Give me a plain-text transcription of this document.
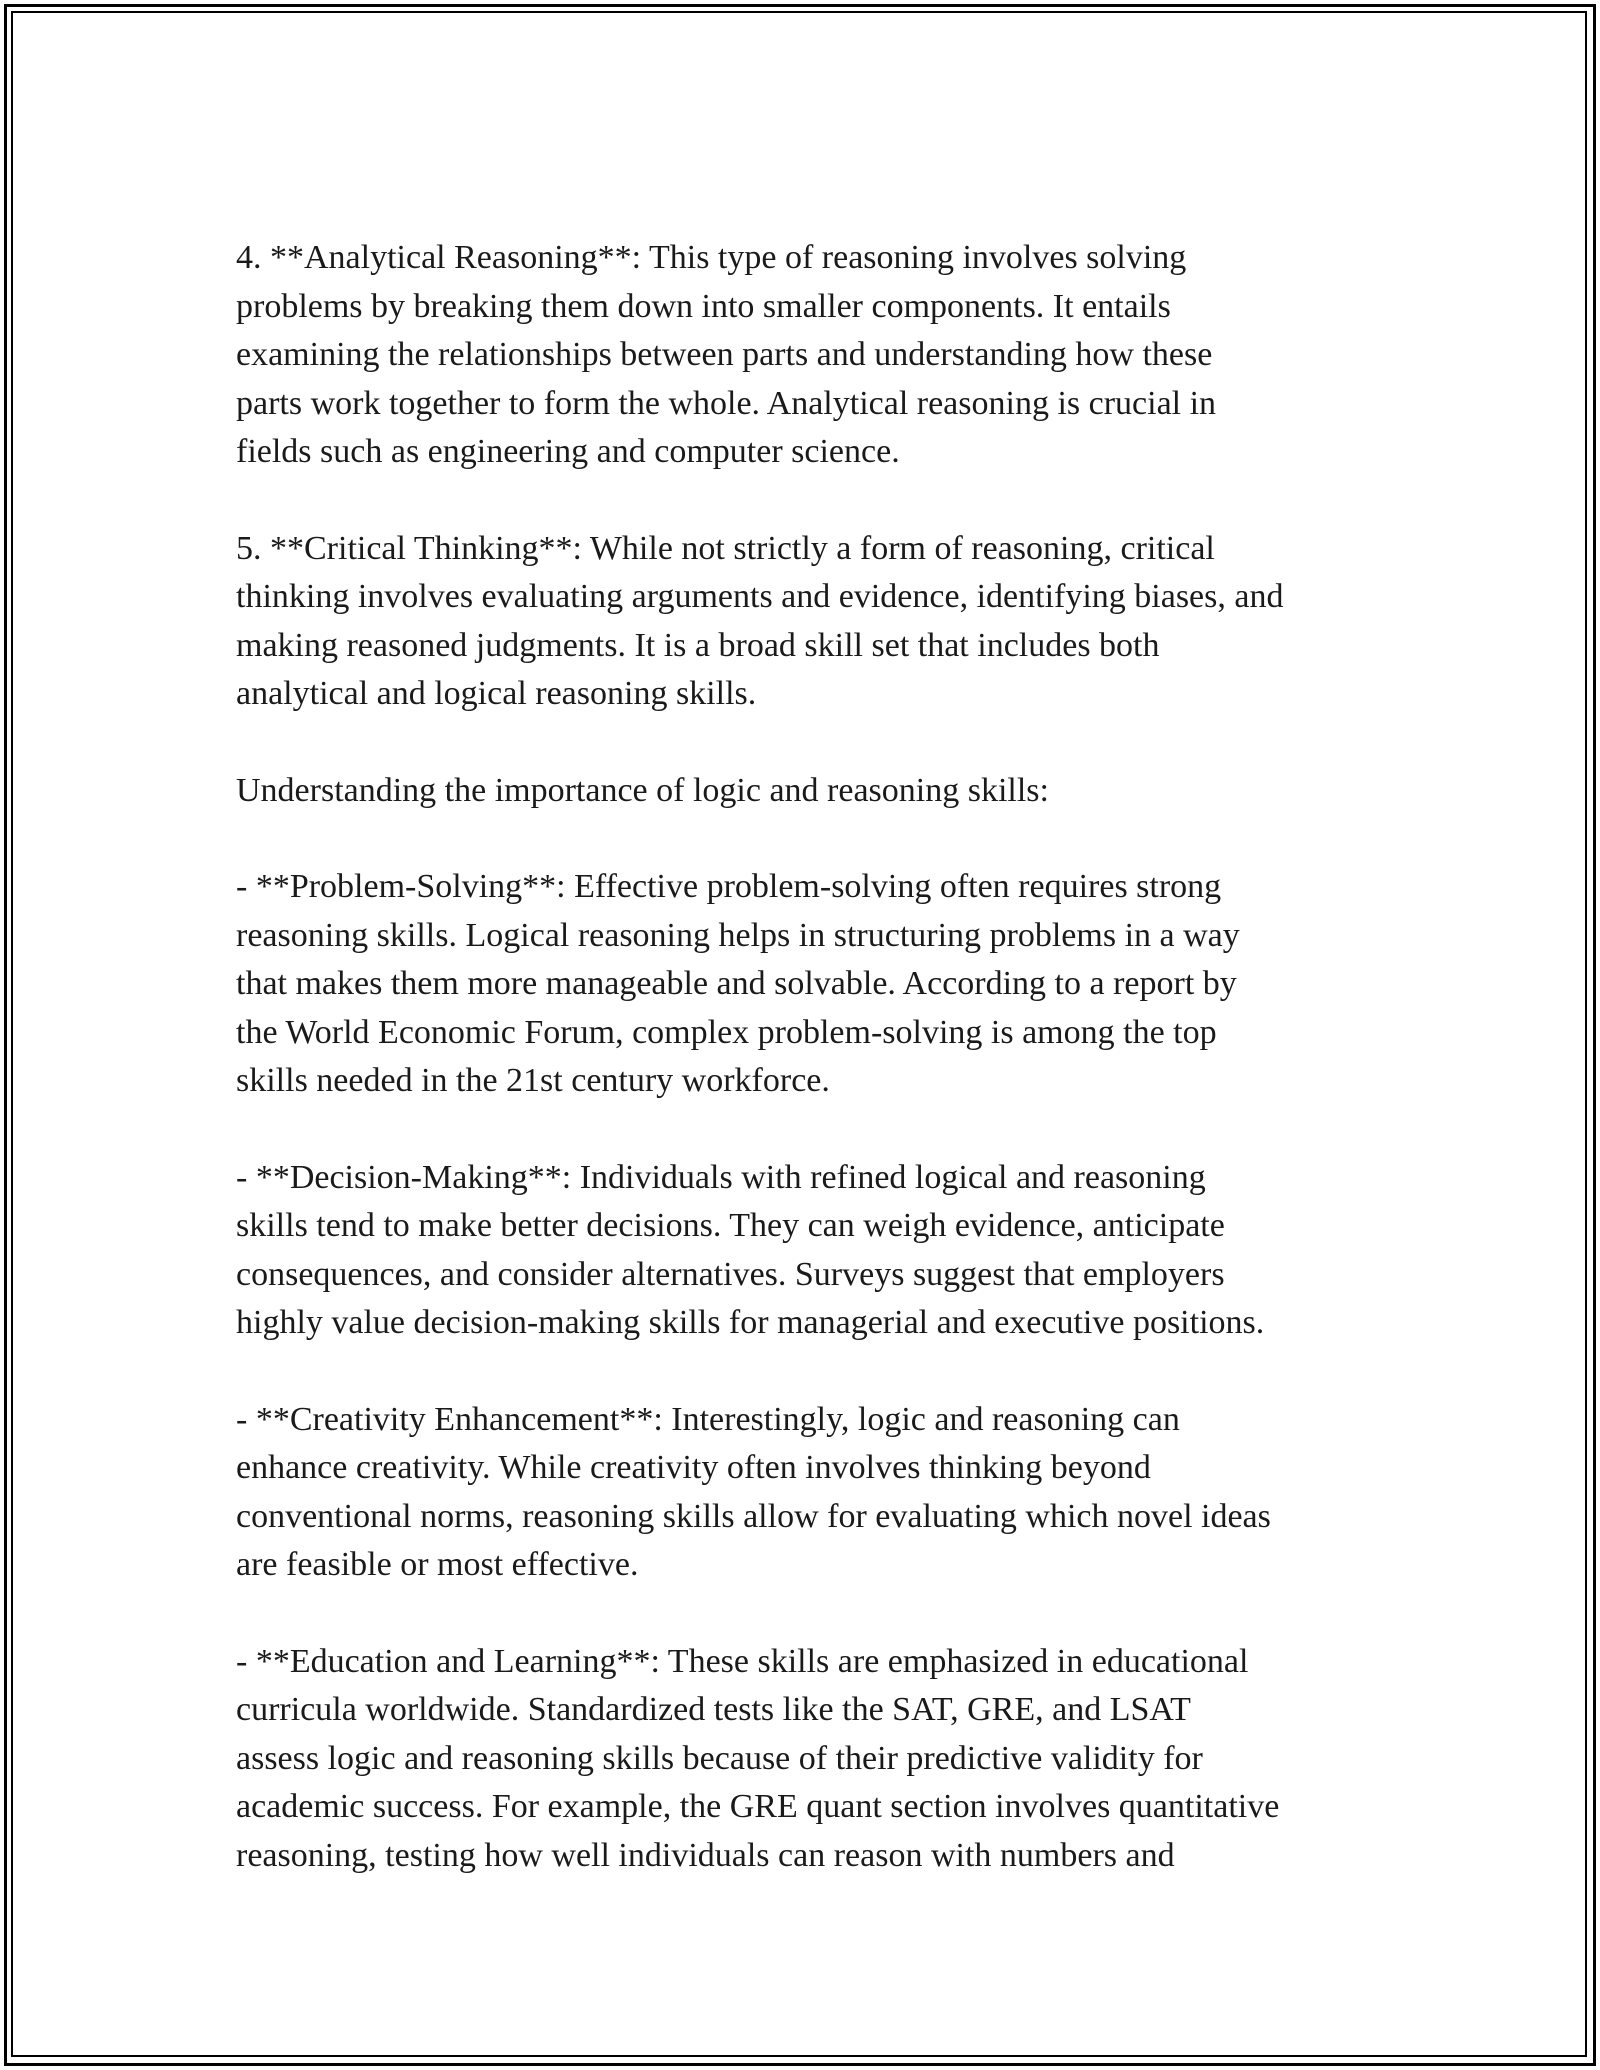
4. **Analytical Reasoning**: This type of reasoning involves solving
problems by breaking them down into smaller components. It entails
examining the relationships between parts and understanding how these
parts work together to form the whole. Analytical reasoning is crucial in
fields such as engineering and computer science.

5. **Critical Thinking**: While not strictly a form of reasoning, critical
thinking involves evaluating arguments and evidence, identifying biases, and
making reasoned judgments. It is a broad skill set that includes both
analytical and logical reasoning skills.

Understanding the importance of logic and reasoning skills:

- **Problem-Solving**: Effective problem-solving often requires strong
reasoning skills. Logical reasoning helps in structuring problems in a way
that makes them more manageable and solvable. According to a report by
the World Economic Forum, complex problem-solving is among the top
skills needed in the 21st century workforce.

- **Decision-Making**: Individuals with refined logical and reasoning
skills tend to make better decisions. They can weigh evidence, anticipate
consequences, and consider alternatives. Surveys suggest that employers
highly value decision-making skills for managerial and executive positions.

- **Creativity Enhancement**: Interestingly, logic and reasoning can
enhance creativity. While creativity often involves thinking beyond
conventional norms, reasoning skills allow for evaluating which novel ideas
are feasible or most effective.

- **Education and Learning**: These skills are emphasized in educational
curricula worldwide. Standardized tests like the SAT, GRE, and LSAT
assess logic and reasoning skills because of their predictive validity for
academic success. For example, the GRE quant section involves quantitative
reasoning, testing how well individuals can reason with numbers and
